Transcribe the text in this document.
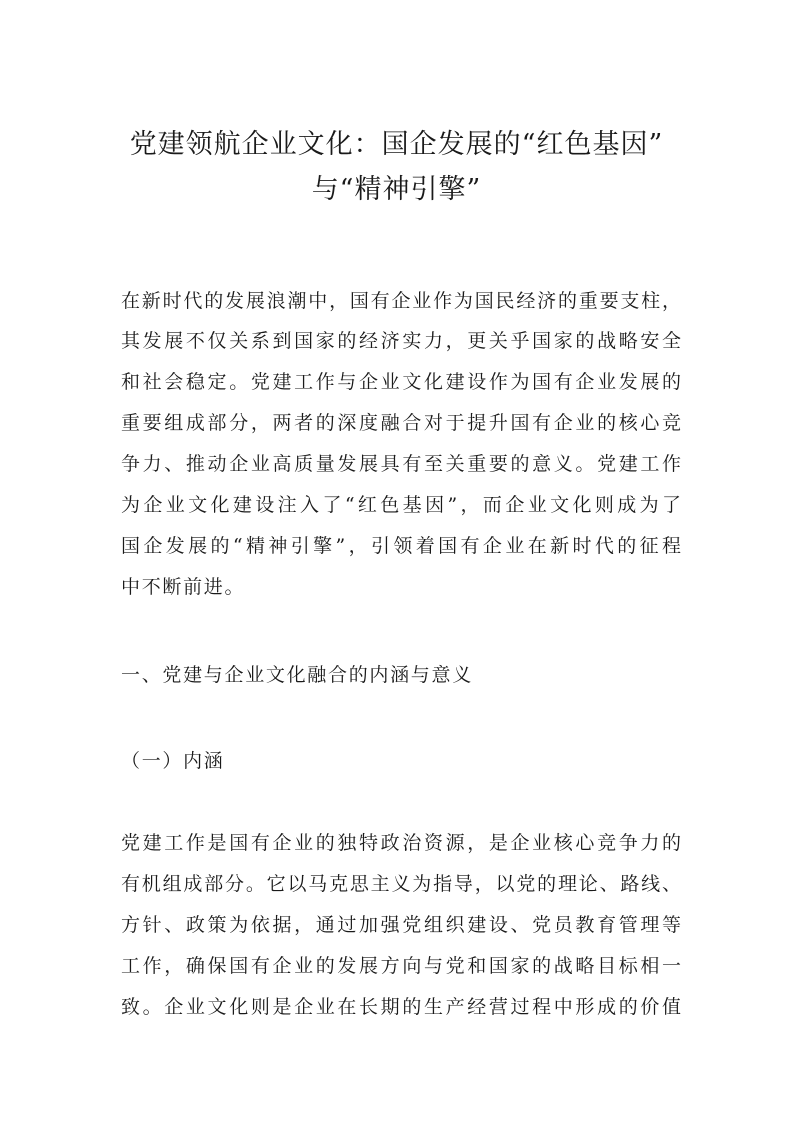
党建领航企业文化：国企发展的“红色基因”
与“精神引擎”
在新时代的发展浪潮中，国有企业作为国民经济的重要支柱，
其发展不仅关系到国家的经济实力，更关乎国家的战略安全
和社会稳定。党建工作与企业文化建设作为国有企业发展的
重要组成部分，两者的深度融合对于提升国有企业的核心竞
争力、推动企业高质量发展具有至关重要的意义。党建工作
为企业文化建设注入了“红色基因”，而企业文化则成为了
国企发展的“精神引擎”，引领着国有企业在新时代的征程
中不断前进。
一、党建与企业文化融合的内涵与意义
（一）内涵
党建工作是国有企业的独特政治资源，是企业核心竞争力的
有机组成部分。它以马克思主义为指导，以党的理论、路线、
方针、政策为依据，通过加强党组织建设、党员教育管理等
工作，确保国有企业的发展方向与党和国家的战略目标相一
致。企业文化则是企业在长期的生产经营过程中形成的价值
